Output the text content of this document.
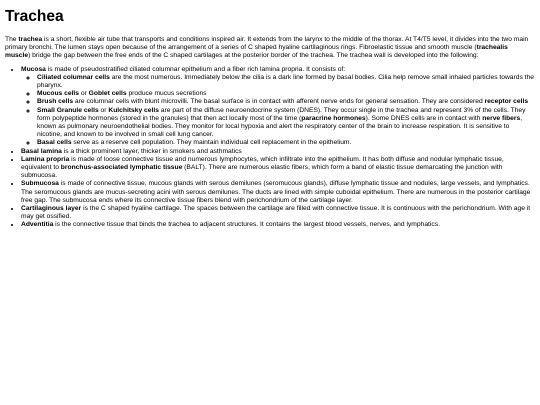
Trachea

The trachea is a short, flexible air tube that transports and conditions inspired air. It extends from the larynx to the middle of the thorax. At T4/T5 level, it divides into the two main primary bronchi. The lumen stays open because of the arrangement of a series of C shaped hyaline cartilaginous rings. Fibroelastic tissue and smooth muscle (trachealis muscle) bridge the gap between the free ends of the C shaped cartilages at the posterior border of the trachea. The trachea wall is developed into the following:

• Mucosa is made of pseudostratified ciliated columnar epithelium and a fiber rich lamina propria. It consists of:
◦ Ciliated columnar cells are the most numerous. Immediately below the cilia is a dark line formed by basal bodies. Cilia help remove small inhaled particles towards the pharynx.
◦ Mucous cells or Goblet cells produce mucus secretions
◦ Brush cells are columnar cells with blunt microvilli. The basal surface is in contact with afferent nerve ends for general sensation. They are considered receptor cells
◦ Small Granule cells or Kulchitsky cells are part of the diffuse neuroendocrine system (DNES). They occur single in the trachea and represent 3% of the cells. They form polypeptide hormones (stored in the granules) that then act locally most of the time (paracrine hormones). Some DNES cells are in contact with nerve fibers, known as pulmonary neuroendothelial bodies. They monitor for local hypoxia and alert the respiratory center of the brain to increase respiration. It is sensitive to nicotine, and known to be involved in small cell lung cancer.
◦ Basal cells serve as a reserve cell population. They maintain individual cell replacement in the epithelium.
• Basal lamina is a thick prominent layer, thicker in smokers and asthmatics
• Lamina propria is made of loose connective tissue and numerous lymphocytes, which infiltrate into the epithelium. It has both diffuse and nodular lymphatic tissue, equivalent to bronchus-associated lymphatic tissue (BALT). There are numerous elastic fibers, which form a band of elastic tissue demarcating the junction with submucosa.
• Submucosa is made of connective tissue, mucous glands with serous demilunes (seromucous glands), diffuse lymphatic tissue and nodules, large vessels, and lymphatics. The seromucous glands are mucus-secreting acini with serous demilunes. The ducts are lined with simple cuboidal epithelium. There are numerous in the posterior cartilage free gap. The submucosa ends where its connective tissue fibers blend with perichondrium of the cartilage layer.
• Cartilaginous layer is the C shaped hyaline cartilage. The spaces between the cartilage are filled with connective tissue. It is continuous with the perichondrium. With age it may get ossified.
• Adventitia is the connective tissue that binds the trachea to adjacent structures. It contains the largest blood vessels, nerves, and lymphatics.
